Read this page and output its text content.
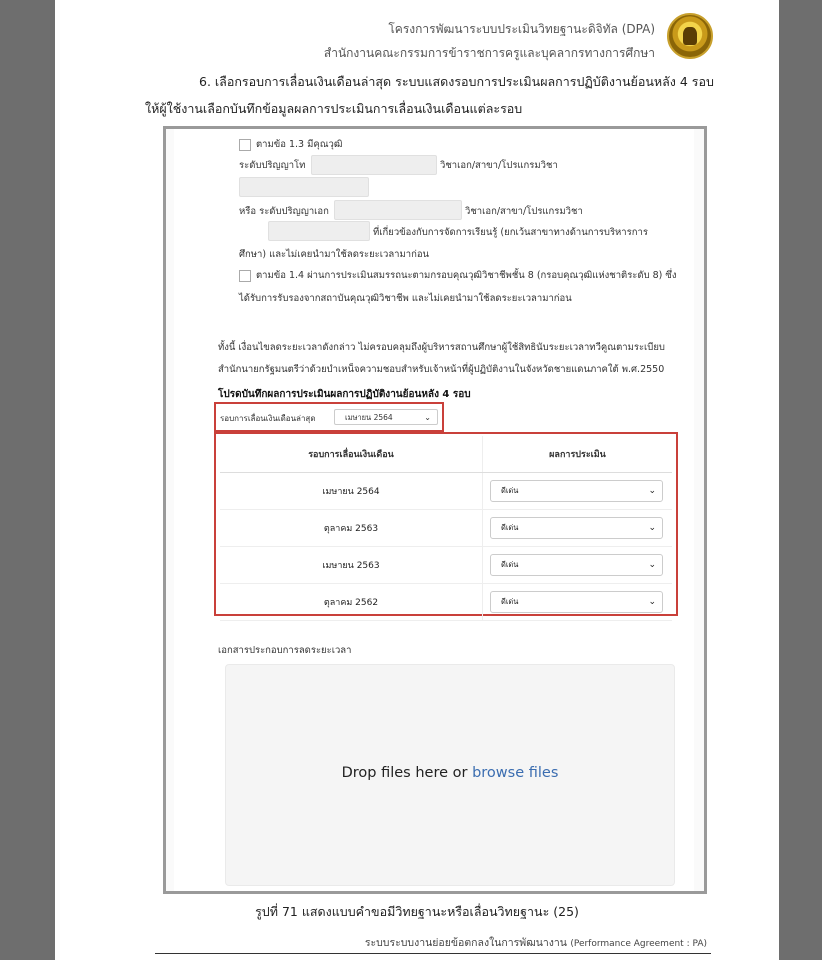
โครงการพัฒนาระบบประเมินวิทยฐานะดิจิทัล (DPA)
สำนักงานคณะกรรมการข้าราชการครูและบุคลากรทางการศึกษา
6. เลือกรอบการเลื่อนเงินเดือนล่าสุด ระบบแสดงรอบการประเมินผลการปฏิบัติงานย้อนหลัง 4 รอบ
ให้ผู้ใช้งานเลือกบันทึกข้อมูลผลการประเมินการเลื่อนเงินเดือนแต่ละรอบ
ตามข้อ 1.3 มีคุณวุฒิ
ระดับปริญญาโท	วิชาเอก/สาขา/โปรแกรมวิชา
หรือ ระดับปริญญาเอก	วิชาเอก/สาขา/โปรแกรมวิชา
ที่เกี่ยวข้องกับการจัดการเรียนรู้ (ยกเว้นสาขาทางด้านการบริหารการ
ศึกษา) และไม่เคยนำมาใช้ลดระยะเวลามาก่อน
ตามข้อ 1.4 ผ่านการประเมินสมรรถนะตามกรอบคุณวุฒิวิชาชีพชั้น 8 (กรอบคุณวุฒิแห่งชาติระดับ 8) ซึ่ง
ได้รับการรับรองจากสถาบันคุณวุฒิวิชาชีพ และไม่เคยนำมาใช้ลดระยะเวลามาก่อน
ทั้งนี้ เงื่อนไขลดระยะเวลาดังกล่าว ไม่ครอบคลุมถึงผู้บริหารสถานศึกษาผู้ใช้สิทธินับระยะเวลาทวีคูณตามระเบียบ
สำนักนายกรัฐมนตรีว่าด้วยบำเหน็จความชอบสำหรับเจ้าหน้าที่ผู้ปฏิบัติงานในจังหวัดชายแดนภาคใต้ พ.ศ.2550
โปรดบันทึกผลการประเมินผลการปฏิบัติงานย้อนหลัง 4 รอบ
รอบการเลื่อนเงินเดือนล่าสุด	เมษายน 2564	⌄
รอบการเลื่อนเงินเดือน	ผลการประเมิน
เมษายน 2564	ดีเด่น ⌄

ตุลาคม 2563	ดีเด่น ⌄

เมษายน 2563	ดีเด่น ⌄

ตุลาคม 2562	ดีเด่น ⌄
เอกสารประกอบการลดระยะเวลา
Drop files here or browse files
รูปที่ 71 แสดงแบบคำขอมีวิทยฐานะหรือเลื่อนวิทยฐานะ (25)
ระบบระบบงานย่อยข้อตกลงในการพัฒนางาน (Performance Agreement : PA)
